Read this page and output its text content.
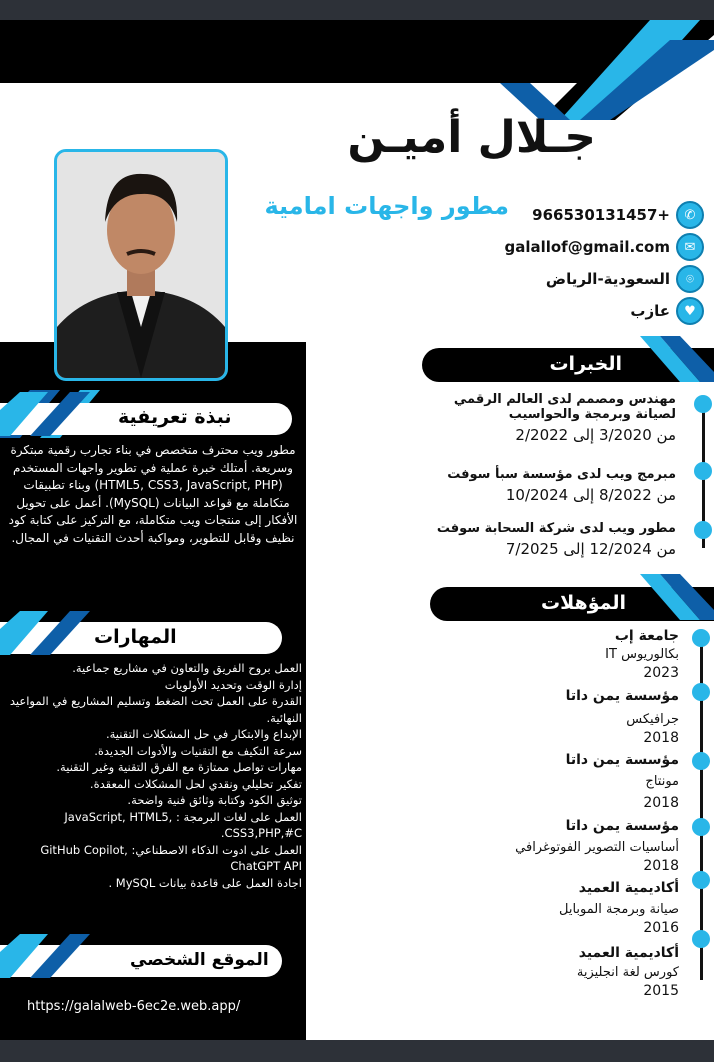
جـلال أميـن
مطور واجهات امامية	✆
+966530131457
✉
galallof@gmail.com
⌾
السعودية-الرياض
♥
عازب
الخبرات
مهندس ومصمم لدى العالم الرقمي لصيانة وبرمجة والحواسيب
من 3/2020 إلى 2/2022
مبرمج ويب لدى مؤسسة سبأ سوفت
من 8/2022 إلى 10/2024
مطور ويب لدى شركة السحابة سوفت
من 12/2024 إلى 7/2025
المؤهلات
جامعة إب
بكالوريوس IT
2023
مؤسسة يمن داتا
جرافيكس
2018
مؤسسة يمن داتا
مونتاج
2018
مؤسسة يمن داتا
أساسيات التصوير الفوتوغرافي
2018
أكاديمية العميد
صيانة وبرمجة الموبايل
2016
أكاديمية العميد
كورس لغة انجليزية
2015
نبذة تعريفية
مطور ويب محترف متخصص في بناء تجارب رقمية مبتكرة وسريعة. أمتلك خبرة عملية في تطوير واجهات المستخدم (HTML5, CSS3, JavaScript, PHP) وبناء تطبيقات متكاملة مع قواعد البيانات (MySQL). أعمل على تحويل الأفكار إلى منتجات ويب متكاملة، مع التركيز على كتابة كود نظيف وقابل للتطوير، ومواكبة أحدث التقنيات في المجال.
المهارات
• العمل بروح الفريق والتعاون في مشاريع جماعية.
• إدارة الوقت وتحديد الأولويات
• القدرة على العمل تحت الضغط وتسليم المشاريع في المواعيد النهائية.
• الإبداع والابتكار في حل المشكلات التقنية.
• سرعة التكيف مع التقنيات والأدوات الجديدة.
• مهارات تواصل ممتازة مع الفرق التقنية وغير التقنية.
• تفكير تحليلي ونقدي لحل المشكلات المعقدة.
• توثيق الكود وكتابة وثائق فنية واضحة.
• العمل على لغات البرمجة : JavaScript, HTML5, CSS3,PHP,#C.
• العمل على ادوت الذكاء الاصطناعي: GitHub Copilot, ChatGPT API
• اجادة العمل على قاعدة بيانات MySQL .
الموقع الشخصي
https://galalweb-6ec2e.web.app/
